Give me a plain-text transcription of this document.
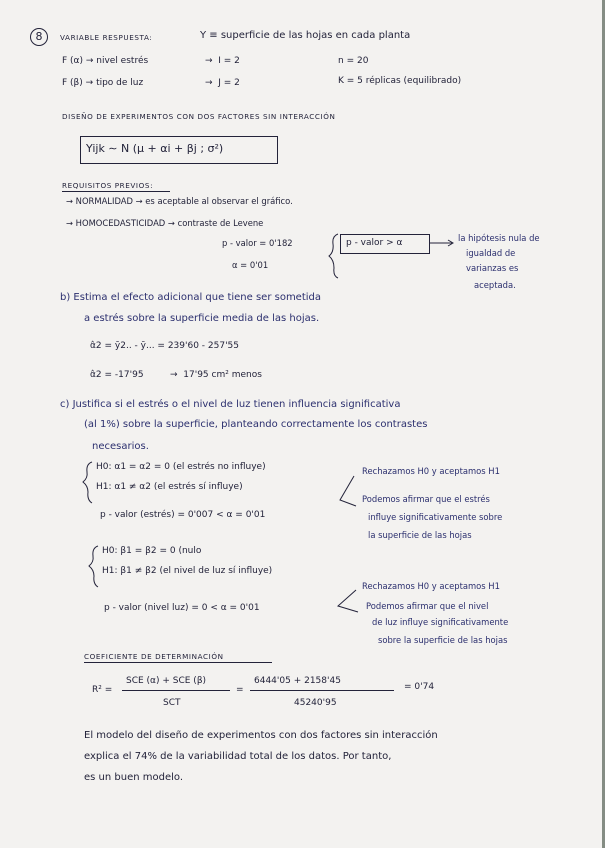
8	VARIABLE RESPUESTA:	Y ≡ superficie de las hojas en cada planta
F (α) → nivel estrés	→  I = 2	n = 20
F (β) → tipo de luz	→  J = 2	K = 5 réplicas (equilibrado)
DISEÑO DE EXPERIMENTOS CON DOS FACTORES SIN INTERACCIÓN
Yijk ∼ N (μ + αi + βj ; σ²)
REQUISITOS PREVIOS:
→ NORMALIDAD → es aceptable al observar el gráfico.
→ HOMOCEDASTICIDAD → contraste de Levene
p - valor = 0'182
α = 0'01
p - valor > α	la hipótesis nula de
igualdad de
varianzas es
aceptada.
b) Estima el efecto adicional que tiene ser sometida
a estrés sobre la superficie media de las hojas.
α̂2 = ȳ2.. - ȳ... = 239'60 - 257'55
α̂2 = -17'95	→  17'95 cm² menos
c) Justifica si el estrés o el nivel de luz tienen influencia significativa
(al 1%) sobre la superficie, planteando correctamente los contrastes
necesarios.
H0: α1 = α2 = 0 (el estrés no influye)
H1: α1 ≠ α2 (el estrés sí influye)
p - valor (estrés) = 0'007 < α = 0'01
Rechazamos H0 y aceptamos H1
Podemos afirmar que el estrés
influye significativamente sobre
la superficie de las hojas
H0: β1 = β2 = 0 (nulo
H1: β1 ≠ β2 (el nivel de luz sí influye)
p - valor (nivel luz) = 0 < α = 0'01
Rechazamos H0 y aceptamos H1
Podemos afirmar que el nivel
de luz influye significativamente
sobre la superficie de las hojas
COEFICIENTE DE DETERMINACIÓN
R² =
SCE (α) + SCE (β)
SCT
=
6444'05 + 2158'45
45240'95
= 0'74
El modelo del diseño de experimentos con dos factores sin interacción
explica el 74% de la variabilidad total de los datos. Por tanto,
es un buen modelo.
